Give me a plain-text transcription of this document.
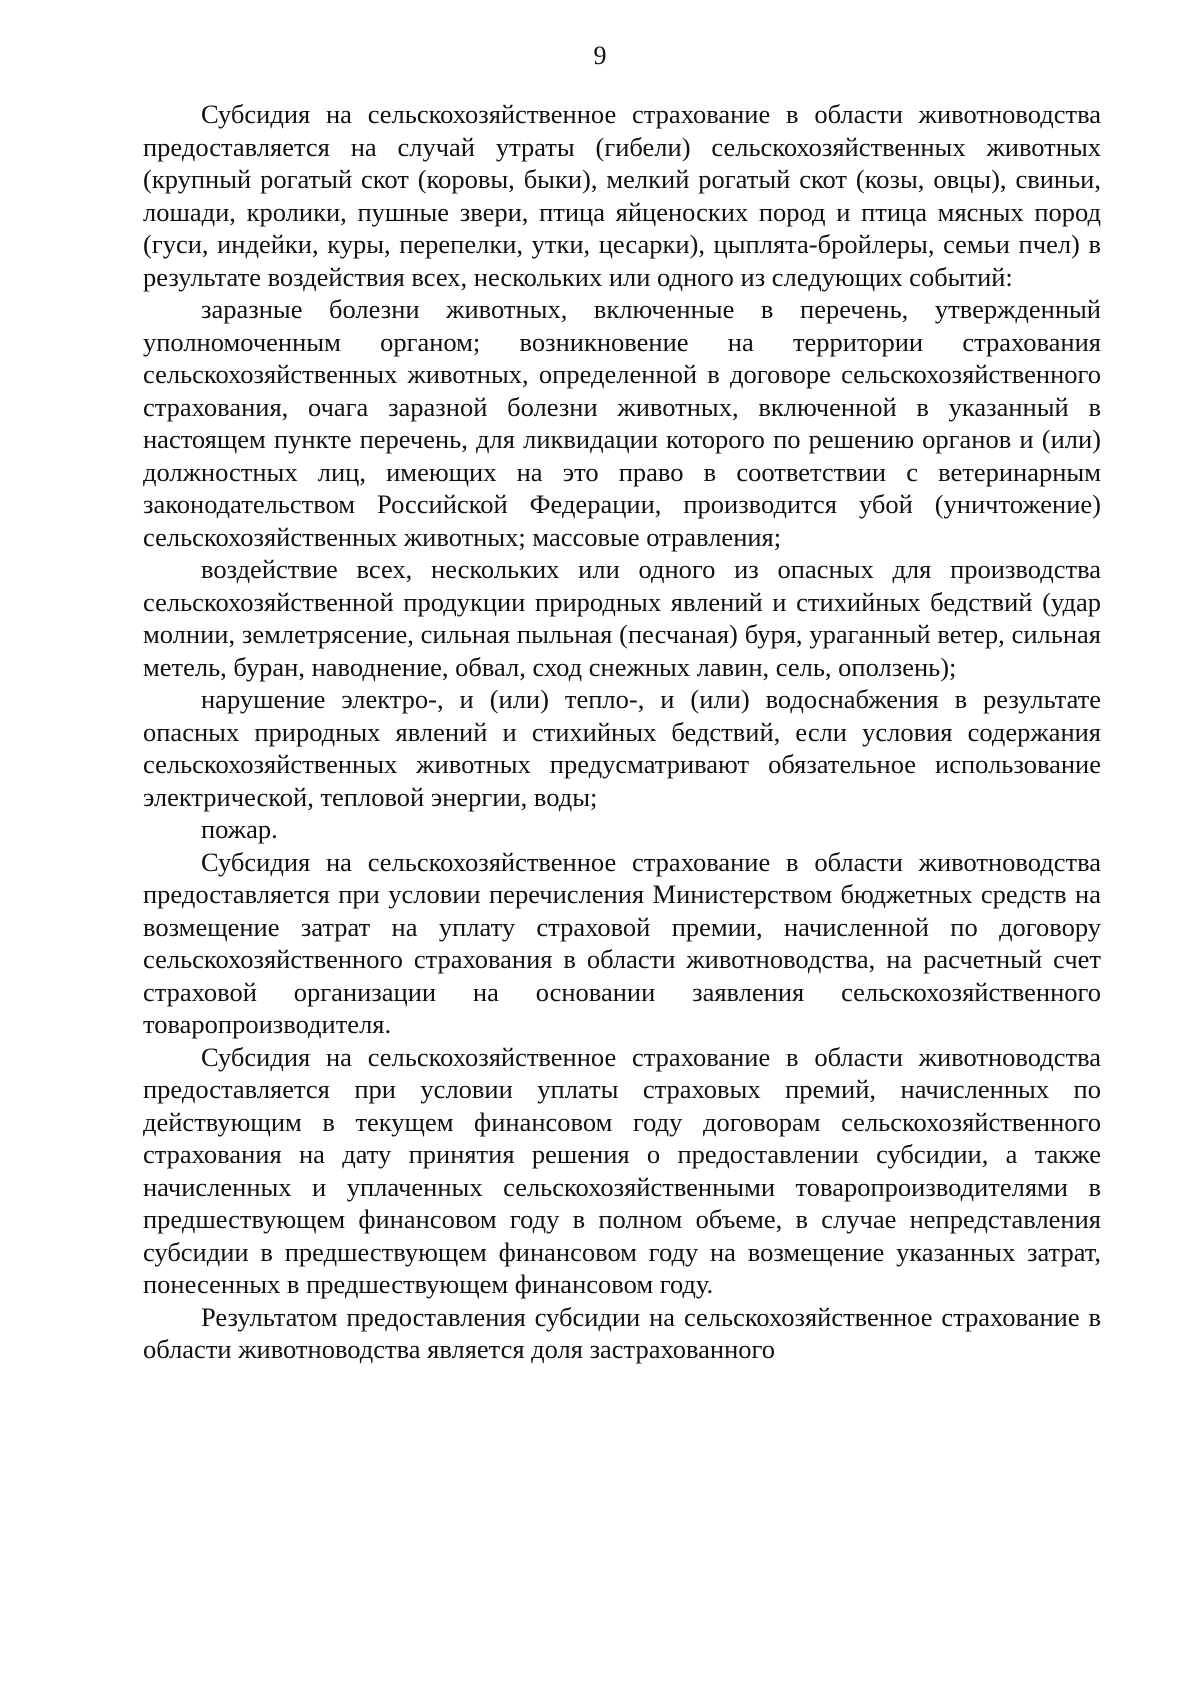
9

Субсидия на сельскохозяйственное страхование в области животноводства предоставляется на случай утраты (гибели) сельскохозяйственных животных (крупный рогатый скот (коровы, быки), мелкий рогатый скот (козы, овцы), свиньи, лошади, кролики, пушные звери, птица яйценоских пород и птица мясных пород (гуси, индейки, куры, перепелки, утки, цесарки), цыплята-бройлеры, семьи пчел) в результате воздействия всех, нескольких или одного из следующих событий:

заразные болезни животных, включенные в перечень, утвержденный уполномоченным органом; возникновение на территории страхования сельскохозяйственных животных, определенной в договоре сельскохозяйственного страхования, очага заразной болезни животных, включенной в указанный в настоящем пункте перечень, для ликвидации которого по решению органов и (или) должностных лиц, имеющих на это право в соответствии с ветеринарным законодательством Российской Федерации, производится убой (уничтожение) сельскохозяйственных животных; массовые отравления;

воздействие всех, нескольких или одного из опасных для производства сельскохозяйственной продукции природных явлений и стихийных бедствий (удар молнии, землетрясение, сильная пыльная (песчаная) буря, ураганный ветер, сильная метель, буран, наводнение, обвал, сход снежных лавин, сель, оползень);

нарушение электро-, и (или) тепло-, и (или) водоснабжения в результате опасных природных явлений и стихийных бедствий, если условия содержания сельскохозяйственных животных предусматривают обязательное использование электрической, тепловой энергии, воды;

пожар.

Субсидия на сельскохозяйственное страхование в области животноводства предоставляется при условии перечисления Министерством бюджетных средств на возмещение затрат на уплату страховой премии, начисленной по договору сельскохозяйственного страхования в области животноводства, на расчетный счет страховой организации на основании заявления сельскохозяйственного товаропроизводителя.

Субсидия на сельскохозяйственное страхование в области животноводства предоставляется при условии уплаты страховых премий, начисленных по действующим в текущем финансовом году договорам сельскохозяйственного страхования на дату принятия решения о предоставлении субсидии, а также начисленных и уплаченных сельскохозяйственными товаропроизводителями в предшествующем финансовом году в полном объеме, в случае непредставления субсидии в предшествующем финансовом году на возмещение указанных затрат, понесенных в предшествующем финансовом году.

Результатом предоставления субсидии на сельскохозяйственное страхование в области животноводства является доля застрахованного
